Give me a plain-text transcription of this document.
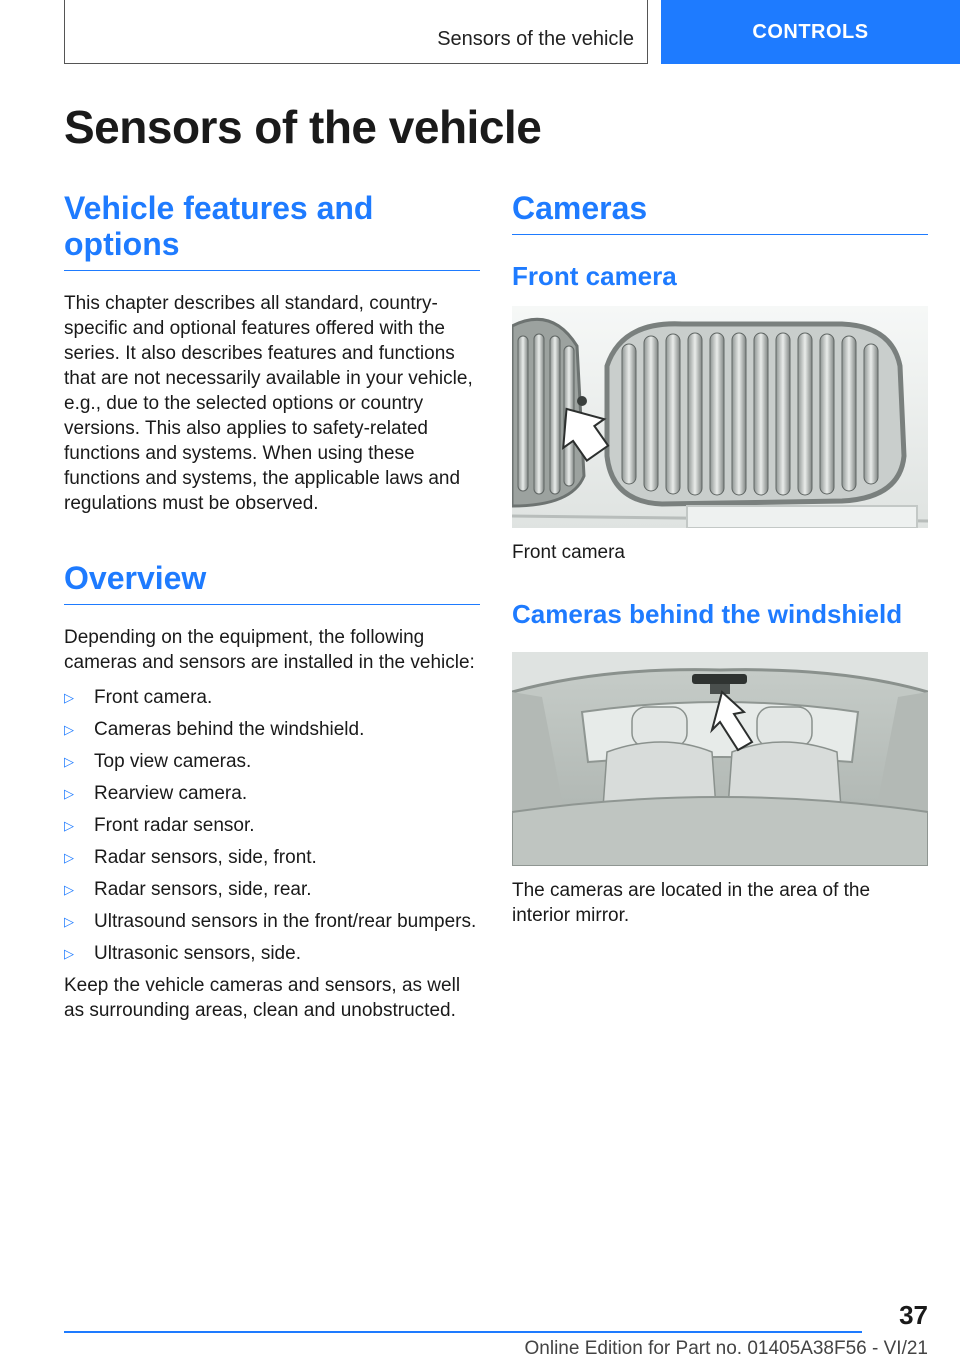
Sensors of the vehicle	CONTROLS
Sensors of the vehicle
Vehicle features and options

This chapter describes all standard, country-specific and optional features offered with the series. It also describes features and functions that are not necessarily available in your vehicle, e.g., due to the selected options or country versions. This also applies to safety-related functions and systems. When using these functions and systems, the applicable laws and regulations must be observed.

Overview

Depending on the equipment, the following cameras and sensors are installed in the vehicle:

▷	Front camera.
▷	Cameras behind the windshield.
▷	Top view cameras.
▷	Rearview camera.
▷	Front radar sensor.
▷	Radar sensors, side, front.
▷	Radar sensors, side, rear.
▷	Ultrasound sensors in the front/rear bumpers.
▷	Ultrasonic sensors, side.

Keep the vehicle cameras and sensors, as well as surrounding areas, clean and unobstructed.

Cameras
Front camera
Front camera
Cameras behind the windshield

The cameras are located in the area of the interior mirror.

37
Online Edition for Part no. 01405A38F56 - VI/21
